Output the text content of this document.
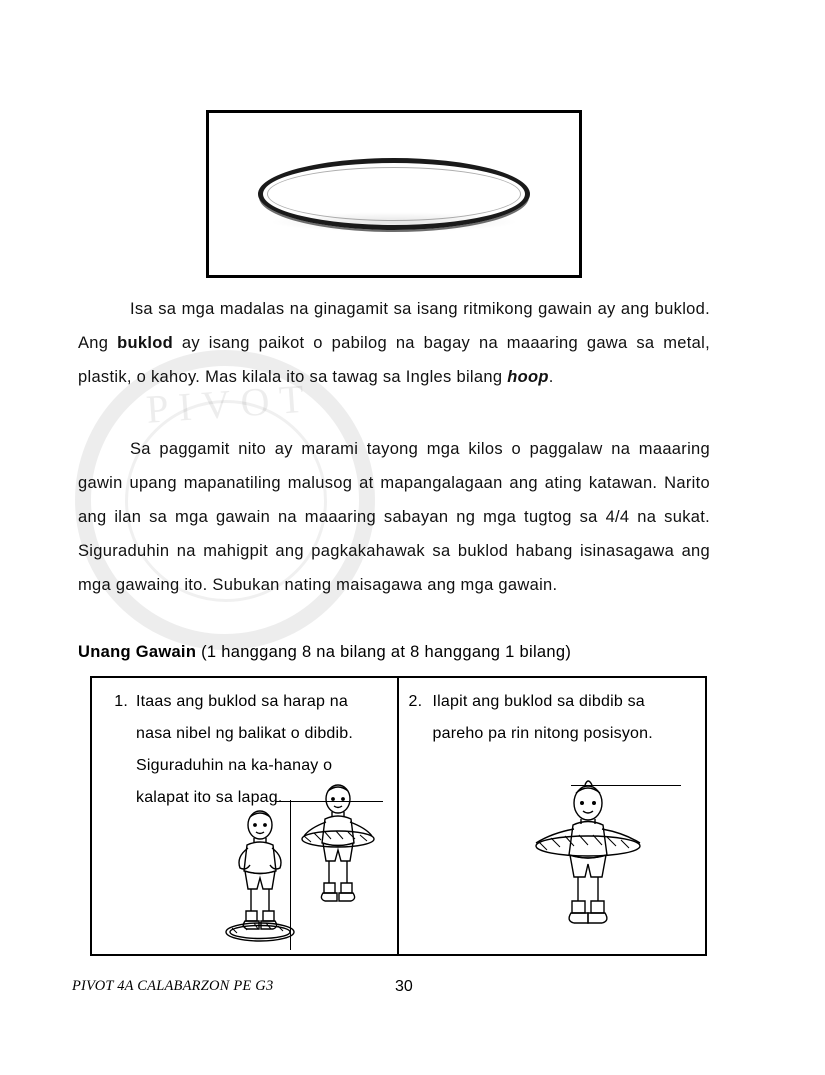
PIVOT
Isa sa mga madalas na ginagamit sa isang ritmikong gawain ay ang buklod. Ang buklod ay isang paikot o pabilog na bagay na maaaring gawa sa metal, plastik, o kahoy. Mas kilala ito sa tawag sa Ingles bilang hoop.
Sa paggamit nito ay marami tayong mga kilos o paggalaw na maaaring gawin upang mapanatiling malusog at mapangalagaan ang ating katawan. Narito ang ilan sa mga gawain na maaaring sabayan ng mga tugtog sa 4/4 na sukat. Siguraduhin na mahigpit ang pagkakahawak sa buklod habang isinasagawa ang mga gawaing ito. Subukan nating maisagawa ang mga gawain.
Unang Gawain (1 hanggang 8 na bilang at 8 hanggang 1 bilang)
1. Itaas ang buklod sa harap na nasa nibel ng balikat o dibdib. Siguraduhin na ka-hanay o kalapat ito sa lapag.
2. Ilapit ang buklod sa dibdib sa pareho pa rin nitong posisyon.
PIVOT 4A CALABARZON PE G3	30
